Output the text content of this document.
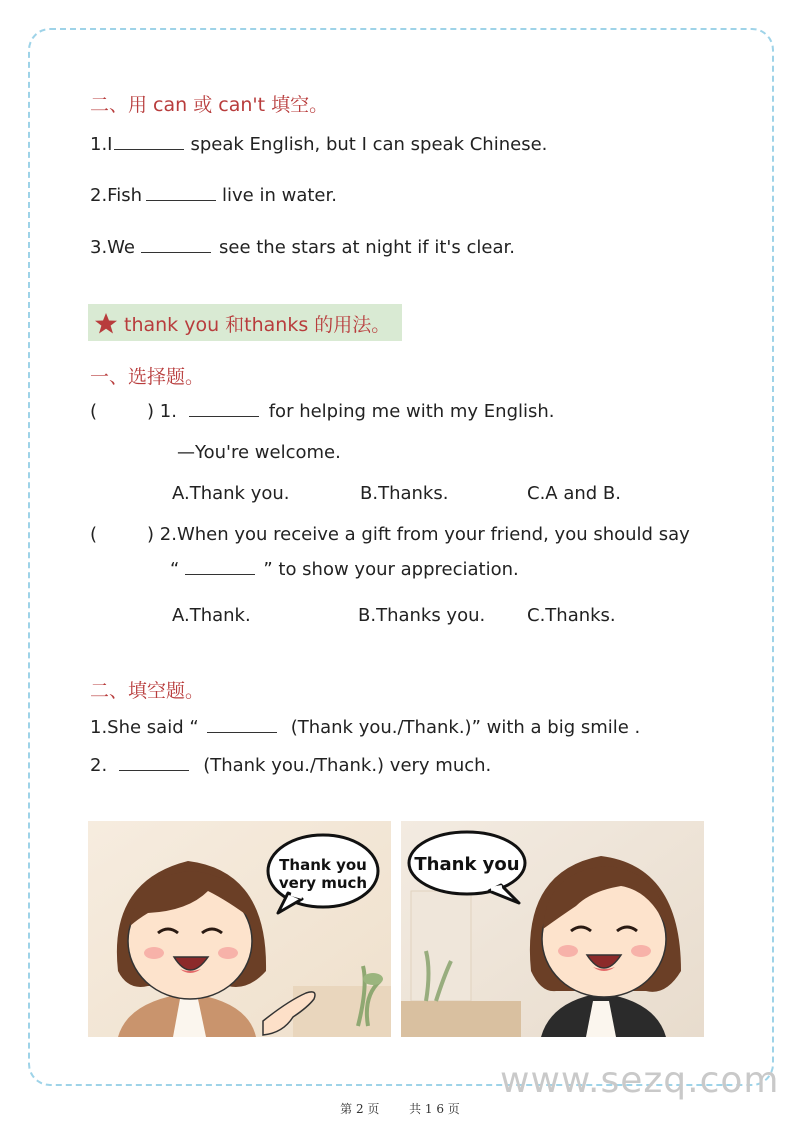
二、用 can 或 can't 填空。
1.I	speak English, but I can speak Chinese.
2.Fish	live in water.
3.We	see the stars at night if it's clear.
thank you 和thanks 的用法。
一、选择题。
(	) 1.	for helping me with my English.
—You're welcome.
A.Thank you.	B.Thanks.	C.A and B.
(	) 2.When you receive a gift from your friend, you should say
“	” to show your appreciation.
A.Thank.	B.Thanks you. C.Thanks.
二、填空题。
1.She said “	(Thank you./Thank.)” with a big smile .
2.	(Thank you./Thank.) very much.
Thank you
very much
Thank you
www.sezq.com
第 2 页 共 1 6 页
